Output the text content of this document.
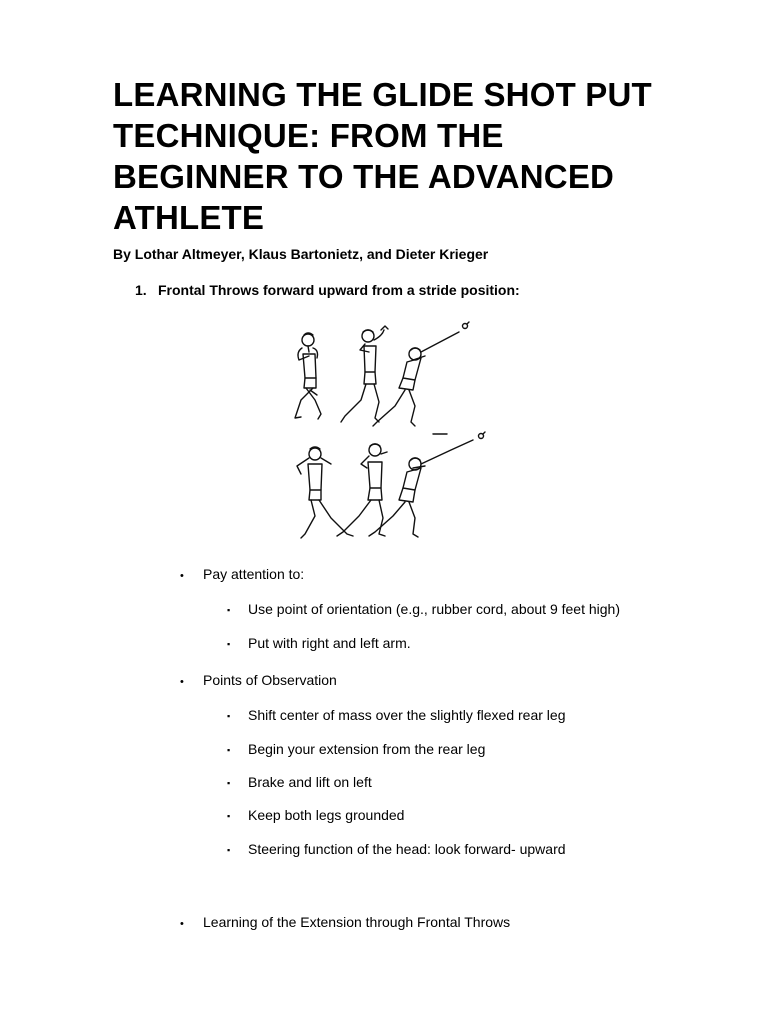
LEARNING THE GLIDE SHOT PUT TECHNIQUE: FROM THE BEGINNER TO THE ADVANCED ATHLETE

By Lothar Altmeyer, Klaus Bartonietz, and Dieter Krieger

1. Frontal Throws forward upward from a stride position:

• Pay attention to:

▪ Use point of orientation (e.g., rubber cord, about 9 feet high)

▪ Put with right and left arm.

• Points of Observation

▪ Shift center of mass over the slightly flexed rear leg

▪ Begin your extension from the rear leg

▪ Brake and lift on left

▪ Keep both legs grounded

▪ Steering function of the head: look forward- upward

• Learning of the Extension through Frontal Throws
